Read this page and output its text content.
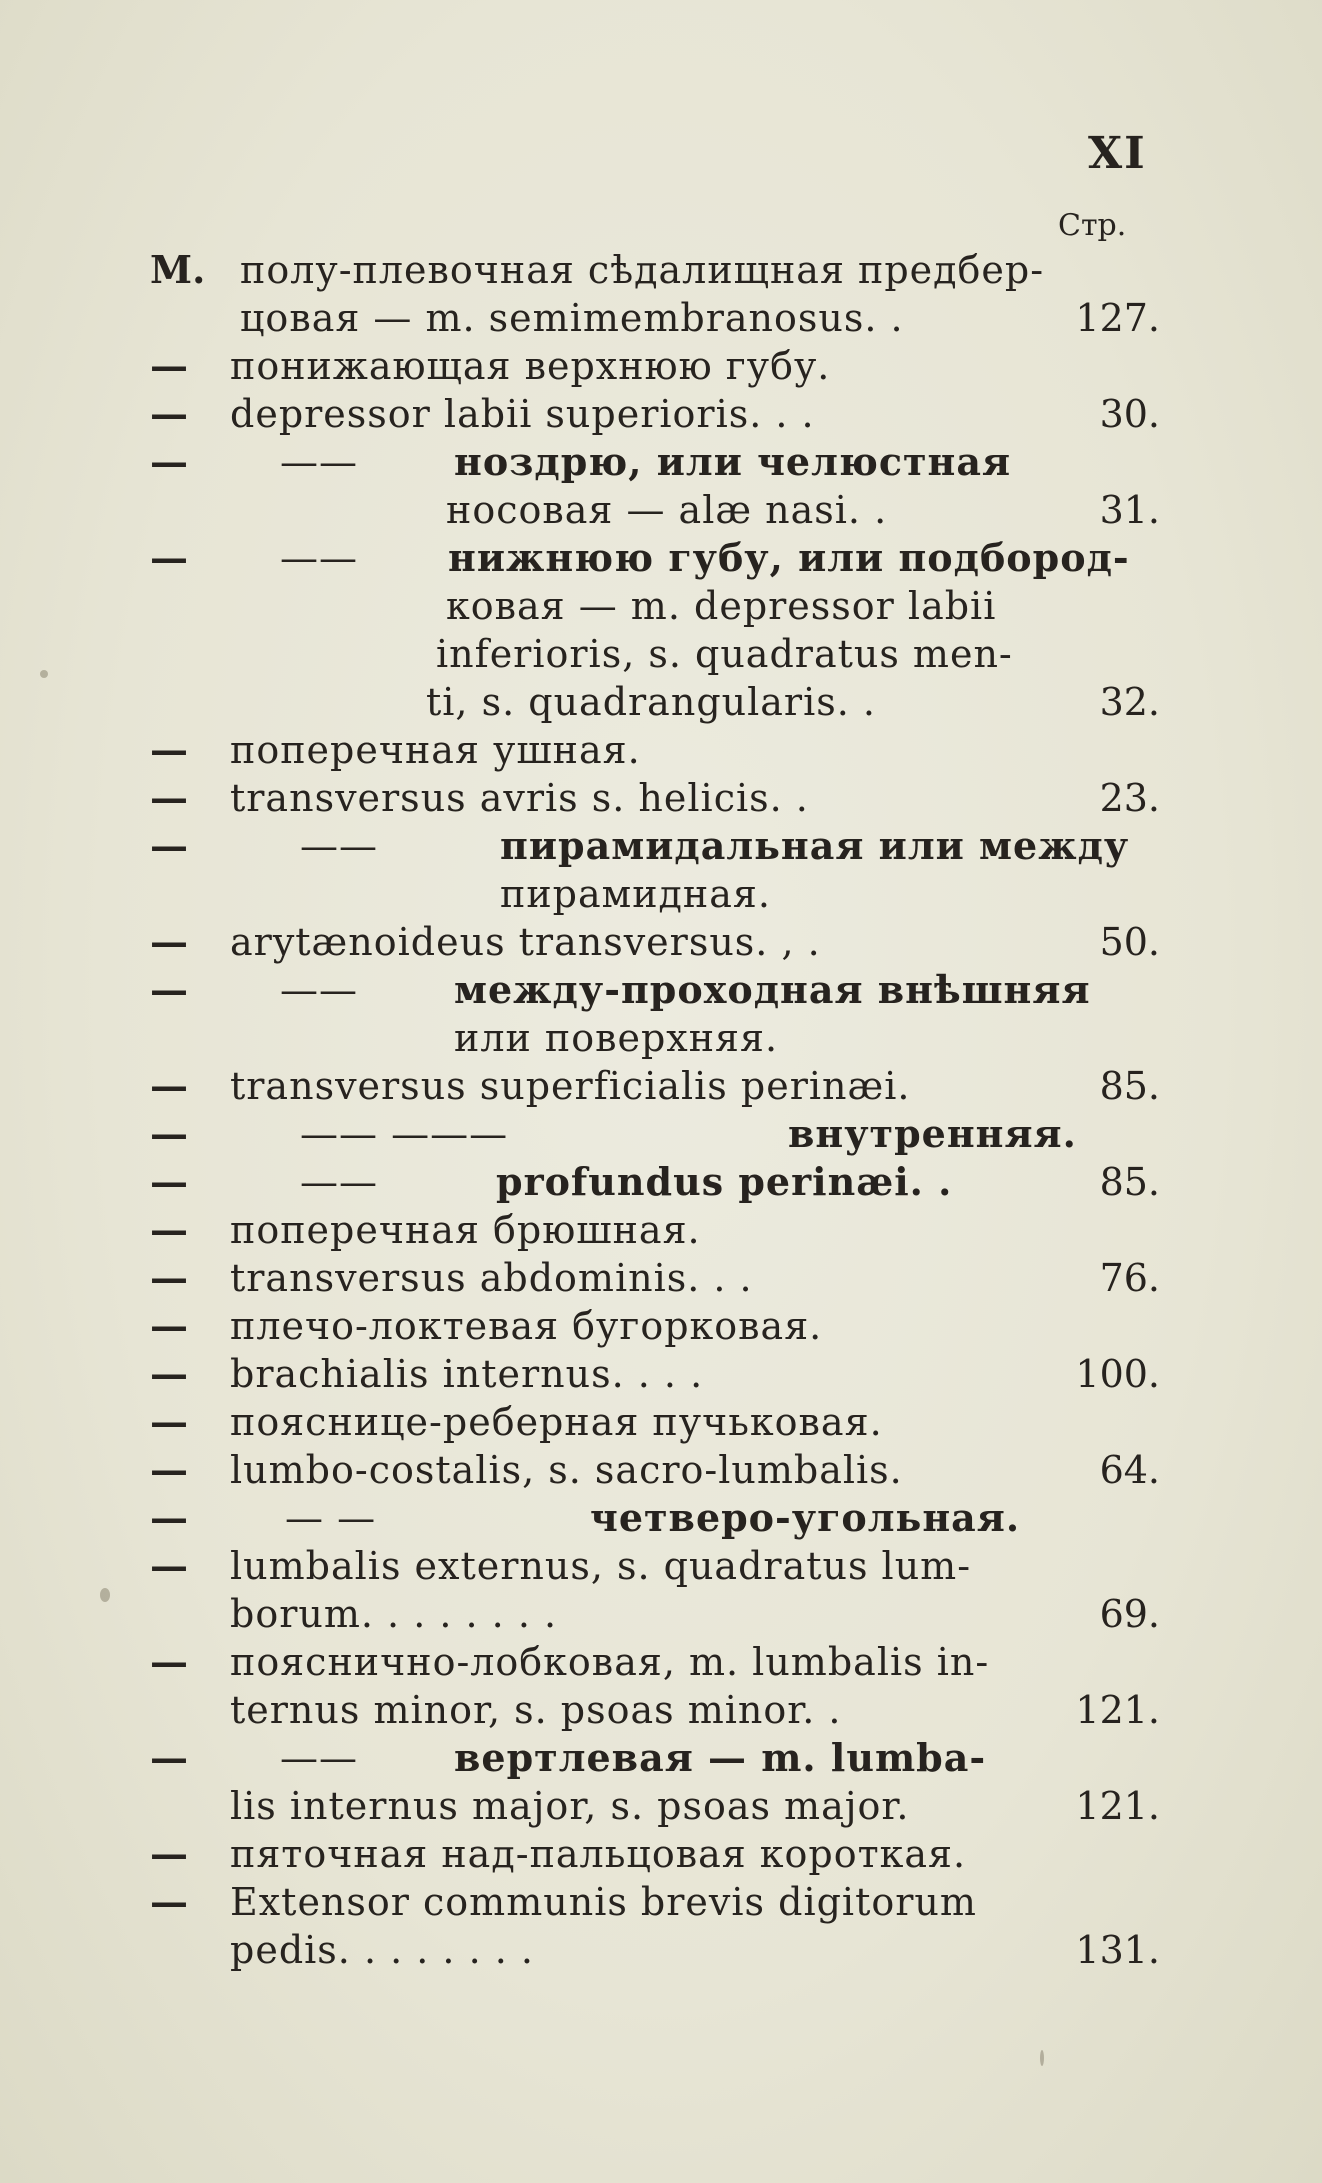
XI
Стр.
М. полу-плевочная сѣдалищная предбер-
цовая — m. semimembranosus. .	127.
— понижающая верхнюю губу.
— depressor labii superioris. . .	30.
— ——	ноздрю, или челюстная
носовая — alæ nasi. .	31.
— —— нижнюю губу, или подбород-
ковая — m. depressor labii
inferioris, s. quadratus men-
ti, s. quadrangularis. .	32.
— поперечная ушная.
— transversus avris s. helicis. .	23.
—	——	пирамидальная или между
пирамидная.
— arytænoideus transversus. , .	50.
— ——	между-проходная внѣшняя
или поверхняя.
— transversus superficialis perinæi.	85.
—	—— ———	внутренняя.
—	——	profundus perinæi. .	85.
— поперечная брюшная.
— transversus abdominis. . .	76.
— плечо-локтевая бугорковая.
— brachialis internus. . . .	100.
— поясницe-реберная пучьковая.
— lumbo-costalis, s. sacro-lumbalis.	64.
—	— —	четверо-угольная.
— lumbalis externus, s. quadratus lum-
borum. . . . . . . .	69.
— пояснично-лобковая, m. lumbalis in-
ternus minor, s. psoas minor. .	121.
— ——	вертлевая — m. lumba-
lis internus major, s. psoas major.	121.
— пяточная над-пальцовая короткая.
— Extensor communis brevis digitorum
pedis. . . . . . . .	131.
